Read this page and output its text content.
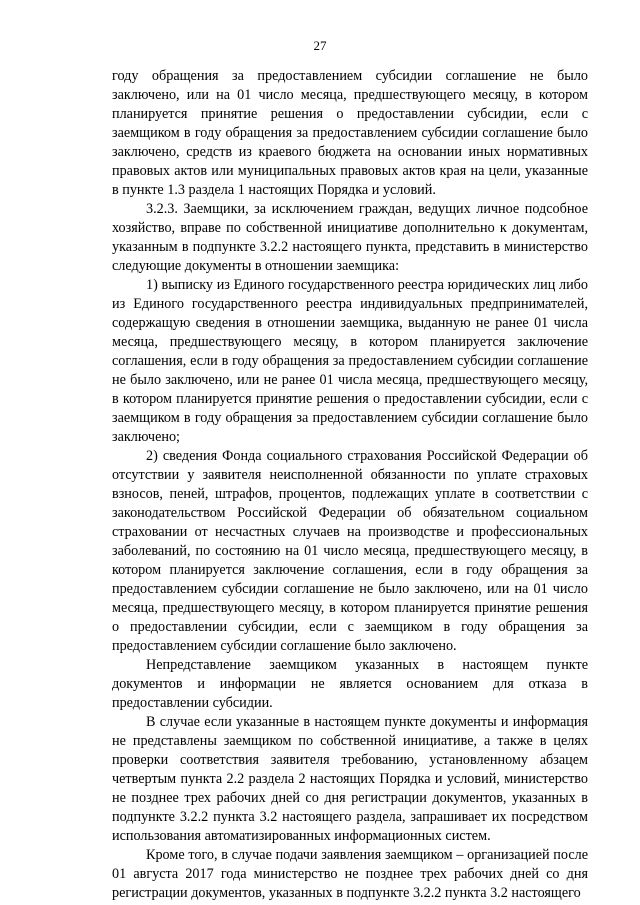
27

году обращения за предоставлением субсидии соглашение не было заключено, или на 01 число месяца, предшествующего месяцу, в котором планируется принятие решения о предоставлении субсидии, если с заемщиком в году обращения за предоставлением субсидии соглашение было заключено, средств из краевого бюджета на основании иных нормативных правовых актов или муниципальных правовых актов края на цели, указанные в пункте 1.3 раздела 1 настоящих Порядка и условий.

3.2.3. Заемщики, за исключением граждан, ведущих личное подсобное хозяйство, вправе по собственной инициативе дополнительно к документам, указанным в подпункте 3.2.2 настоящего пункта, представить в министерство следующие документы в отношении заемщика:

1) выписку из Единого государственного реестра юридических лиц либо из Единого государственного реестра индивидуальных предпринимателей, содержащую сведения в отношении заемщика, выданную не ранее 01 числа месяца, предшествующего месяцу, в котором планируется заключение соглашения, если в году обращения за предоставлением субсидии соглашение не было заключено, или не ранее 01 числа месяца, предшествующего месяцу, в котором планируется принятие решения о предоставлении субсидии, если с заемщиком в году обращения за предоставлением субсидии соглашение было заключено;

2) сведения Фонда социального страхования Российской Федерации об отсутствии у заявителя неисполненной обязанности по уплате страховых взносов, пеней, штрафов, процентов, подлежащих уплате в соответствии с законодательством Российской Федерации об обязательном социальном страховании от несчастных случаев на производстве и профессиональных заболеваний, по состоянию на 01 число месяца, предшествующего месяцу, в котором планируется заключение соглашения, если в году обращения за предоставлением субсидии соглашение не было заключено, или на 01 число месяца, предшествующего месяцу, в котором планируется принятие решения о предоставлении субсидии, если с заемщиком в году обращения за предоставлением субсидии соглашение было заключено.

Непредставление заемщиком указанных в настоящем пункте документов и информации не является основанием для отказа в предоставлении субсидии.

В случае если указанные в настоящем пункте документы и информация не представлены заемщиком по собственной инициативе, а также в целях проверки соответствия заявителя требованию, установленному абзацем четвертым пункта 2.2 раздела 2 настоящих Порядка и условий, министерство не позднее трех рабочих дней со дня регистрации документов, указанных в подпункте 3.2.2 пункта 3.2 настоящего раздела, запрашивает их посредством использования автоматизированных информационных систем.

Кроме того, в случае подачи заявления заемщиком – организацией после 01 августа 2017 года министерство не позднее трех рабочих дней со дня регистрации документов, указанных в подпункте 3.2.2 пункта 3.2 настоящего
